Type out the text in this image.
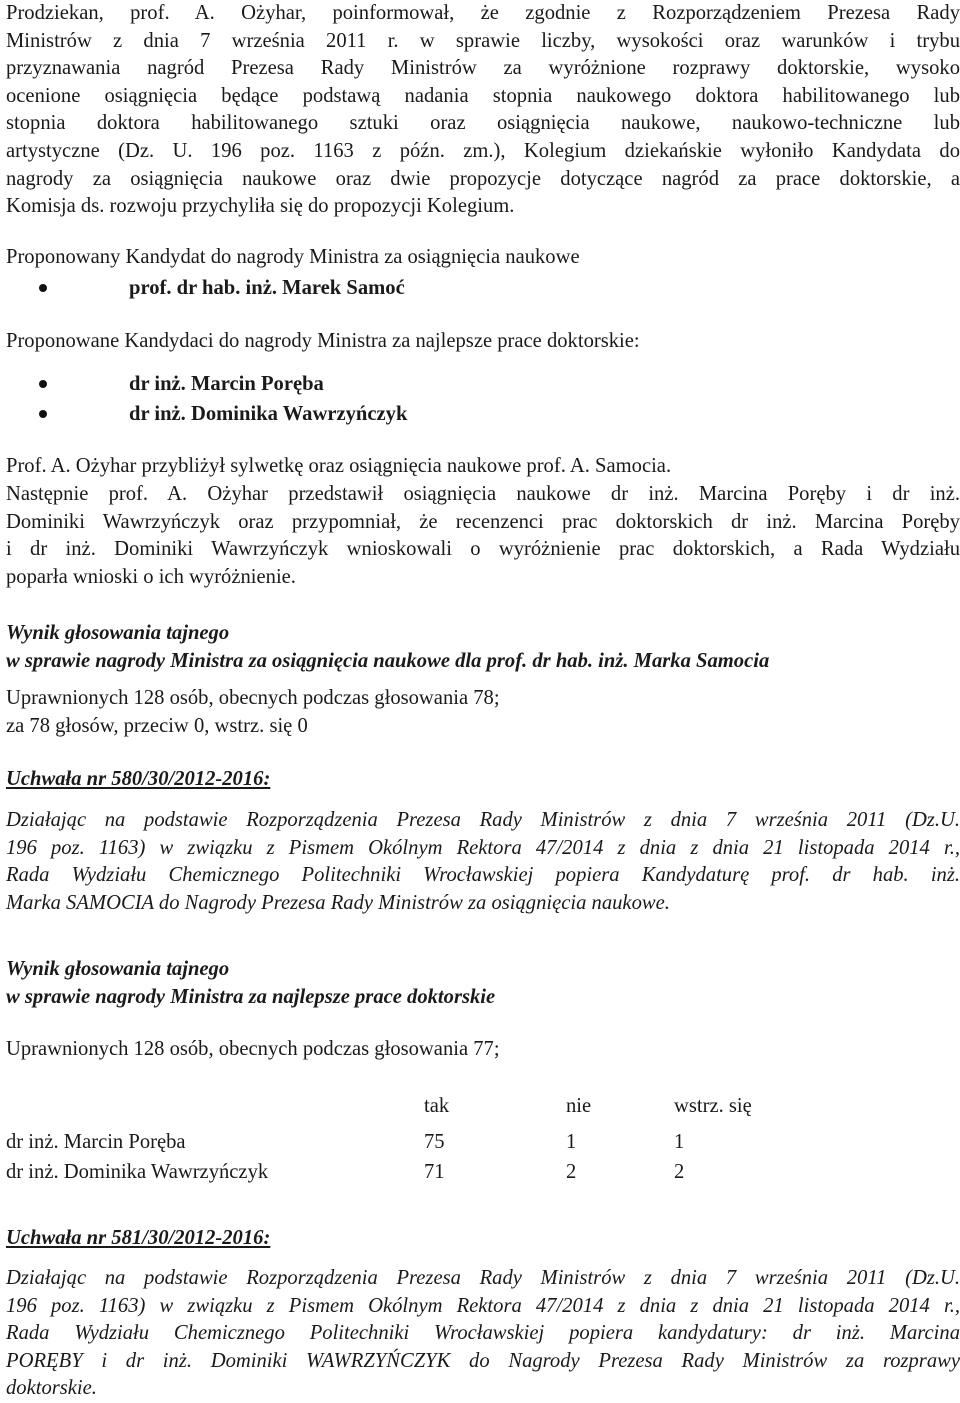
Prodziekan, prof. A. Ożyhar, poinformował, że zgodnie z Rozporządzeniem Prezesa Rady
Ministrów z dnia 7 września 2011 r. w sprawie liczby, wysokości oraz warunków i trybu
przyznawania nagród Prezesa Rady Ministrów za wyróżnione rozprawy doktorskie, wysoko
ocenione osiągnięcia będące podstawą nadania stopnia naukowego doktora habilitowanego lub
stopnia doktora habilitowanego sztuki oraz osiągnięcia naukowe, naukowo-techniczne lub
artystyczne (Dz. U. 196 poz. 1163 z późn. zm.), Kolegium dziekańskie wyłoniło Kandydata do
nagrody za osiągnięcia naukowe oraz dwie propozycje dotyczące nagród za prace doktorskie, a
Komisja ds. rozwoju przychyliła się do propozycji Kolegium.
Proponowany Kandydat do nagrody Ministra za osiągnięcia naukowe
prof. dr hab. inż. Marek Samoć
Proponowane Kandydaci do nagrody Ministra za najlepsze prace doktorskie:
dr inż. Marcin Poręba
dr inż. Dominika Wawrzyńczyk
Prof. A. Ożyhar przybliżył sylwetkę oraz osiągnięcia naukowe prof. A. Samocia.
Następnie prof. A. Ożyhar przedstawił osiągnięcia naukowe dr inż. Marcina Poręby i dr inż.
Dominiki Wawrzyńczyk oraz przypomniał, że recenzenci prac doktorskich dr inż. Marcina Poręby
i dr inż. Dominiki Wawrzyńczyk wnioskowali o wyróżnienie prac doktorskich, a Rada Wydziału
poparła wnioski o ich wyróżnienie.
Wynik głosowania tajnego
w sprawie nagrody Ministra za osiągnięcia naukowe dla prof. dr hab. inż. Marka Samocia
Uprawnionych 128 osób, obecnych podczas głosowania 78;
za 78 głosów, przeciw 0, wstrz. się 0
Uchwała nr 580/30/2012-2016:
Działając na podstawie Rozporządzenia Prezesa Rady Ministrów z dnia 7 września 2011 (Dz.U.
196 poz. 1163) w związku z Pismem Okólnym Rektora 47/2014 z dnia z dnia 21 listopada 2014 r.,
Rada Wydziału Chemicznego Politechniki Wrocławskiej popiera Kandydaturę prof. dr hab. inż.
Marka SAMOCIA do Nagrody Prezesa Rady Ministrów za osiągnięcia naukowe.
Wynik głosowania tajnego
w sprawie nagrody Ministra za najlepsze prace doktorskie
Uprawnionych 128 osób, obecnych podczas głosowania 77;
	tak	nie	wstrz. się
dr inż. Marcin Poręba	75	1	1
dr inż. Dominika Wawrzyńczyk	71	2	2
Uchwała nr 581/30/2012-2016:
Działając na podstawie Rozporządzenia Prezesa Rady Ministrów z dnia 7 września 2011 (Dz.U.
196 poz. 1163) w związku z Pismem Okólnym Rektora 47/2014 z dnia z dnia 21 listopada 2014 r.,
Rada Wydziału Chemicznego Politechniki Wrocławskiej popiera kandydatury: dr inż. Marcina
PORĘBY i dr inż. Dominiki WAWRZYŃCZYK do Nagrody Prezesa Rady Ministrów za rozprawy
doktorskie.
